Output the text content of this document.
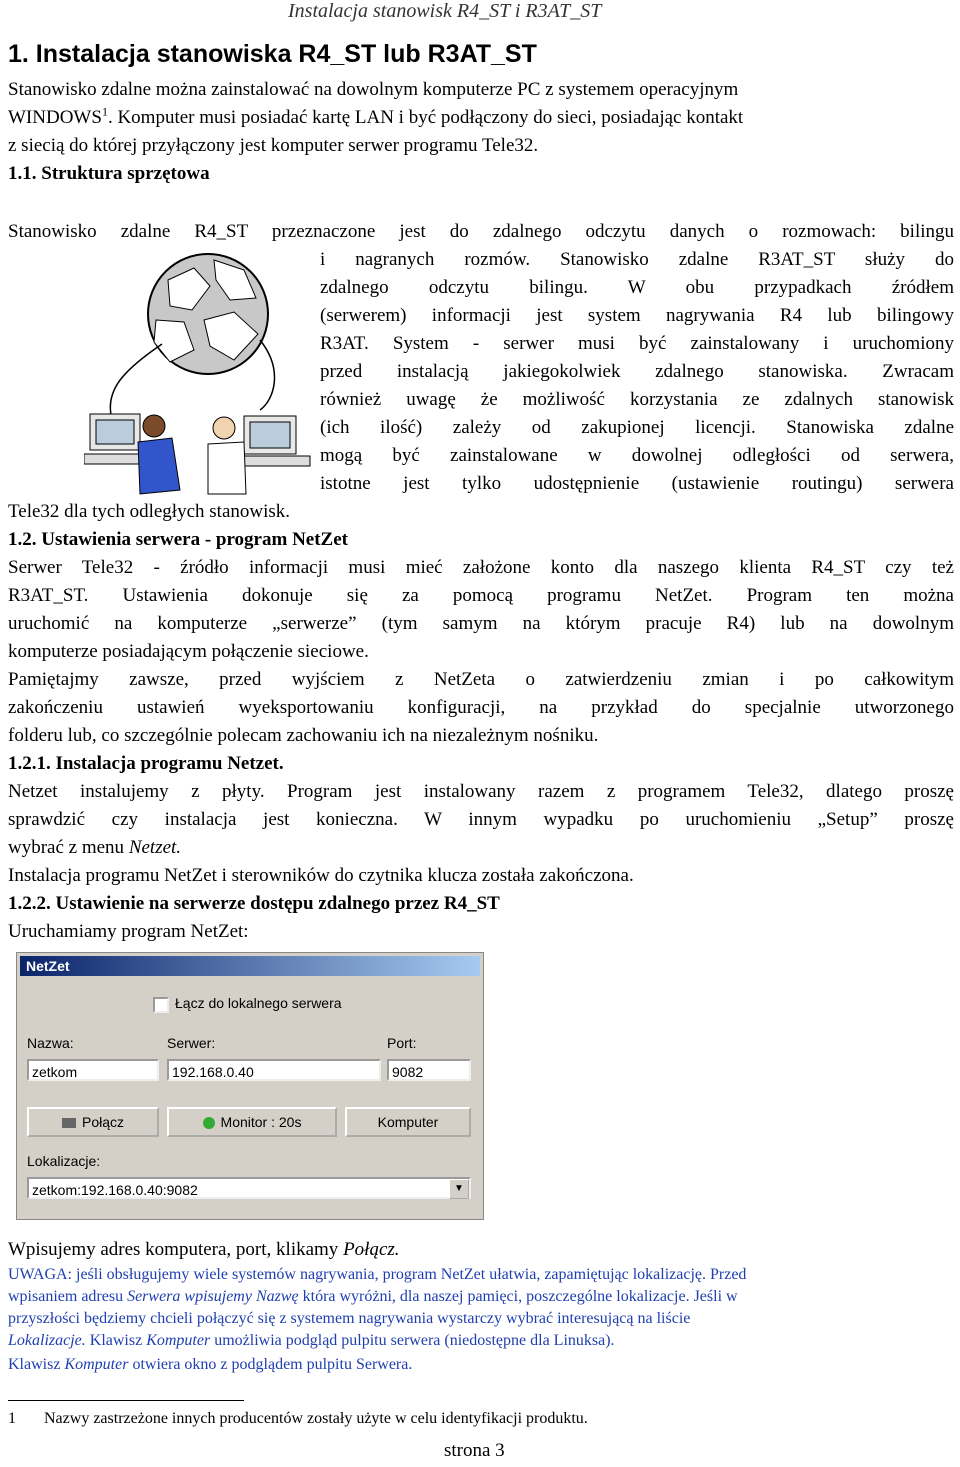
Instalacja stanowisk R4_ST i R3AT_ST
1. Instalacja stanowiska R4_ST lub R3AT_ST
Stanowisko zdalne można zainstalować na dowolnym komputerze PC z systemem operacyjnym
WINDOWS$^1$. Komputer musi posiadać kartę LAN i być podłączony do sieci, posiadając kontakt
z siecią do której przyłączony jest komputer serwer programu Tele32.
1.1. Struktura sprzętowa
Stanowisko zdalne R4_ST przeznaczone jest do zdalnego odczytu danych o rozmowach: bilingu
i nagranych rozmów. Stanowisko zdalne R3AT_ST służy do
zdalnego odczytu bilingu. W obu przypadkach źródłem
(serwerem) informacji jest system nagrywania R4 lub bilingowy
R3AT. System - serwer musi być zainstalowany i uruchomiony
przed instalacją jakiegokolwiek zdalnego stanowiska. Zwracam
również uwagę że możliwość korzystania ze zdalnych stanowisk
(ich ilość) zależy od zakupionej licencji. Stanowiska zdalne
mogą być zainstalowane w dowolnej odległości od serwera,
istotne jest tylko udostępnienie (ustawienie routingu) serwera
Tele32 dla tych odległych stanowisk.
1.2. Ustawienia serwera - program NetZet
Serwer Tele32 - źródło informacji musi mieć założone konto dla naszego klienta R4_ST czy też
R3AT_ST. Ustawienia dokonuje się za pomocą programu NetZet. Program ten można
uruchomić na komputerze „serwerze” (tym samym na którym pracuje R4) lub na dowolnym
komputerze posiadającym połączenie sieciowe.
Pamiętajmy zawsze, przed wyjściem z NetZeta o zatwierdzeniu zmian i po całkowitym
zakończeniu ustawień wyeksportowaniu konfiguracji, na przykład do specjalnie utworzonego
folderu lub, co szczególnie polecam zachowaniu ich na niezależnym nośniku.
1.2.1. Instalacja programu Netzet.
Netzet instalujemy z płyty. Program jest instalowany razem z programem Tele32, dlatego proszę
sprawdzić czy instalacja jest konieczna. W innym wypadku po uruchomieniu „Setup” proszę
wybrać z menu Netzet.
Instalacja programu NetZet i sterowników do czytnika klucza została zakończona.
1.2.2. Ustawienie na serwerze dostępu zdalnego przez R4_ST
Uruchamiamy program NetZet:
NetZet
Łącz do lokalnego serwera
Nazwa:
zetkom
Serwer:
192.168.0.40
Port:
9082
Połącz	Monitor : 20s	Komputer
Lokalizacje:
zetkom:192.168.0.40:9082	▼
Wpisujemy adres komputera, port, klikamy Połącz.
UWAGA: jeśli obsługujemy wiele systemów nagrywania, program NetZet ułatwia, zapamiętując lokalizację. Przed
wpisaniem adresu Serwera wpisujemy Nazwę która wyróżni, dla naszej pamięci, poszczególne lokalizacje. Jeśli w
przyszłości będziemy chcieli połączyć się z systemem nagrywania wystarczy wybrać interesującą na liście
Lokalizacje. Klawisz Komputer umożliwia podgląd pulpitu serwera (niedostępne dla Linuksa).
Klawisz Komputer otwiera okno z podglądem pulpitu Serwera.
1 Nazwy zastrzeżone innych producentów zostały użyte w celu identyfikacji produktu.
strona 3
